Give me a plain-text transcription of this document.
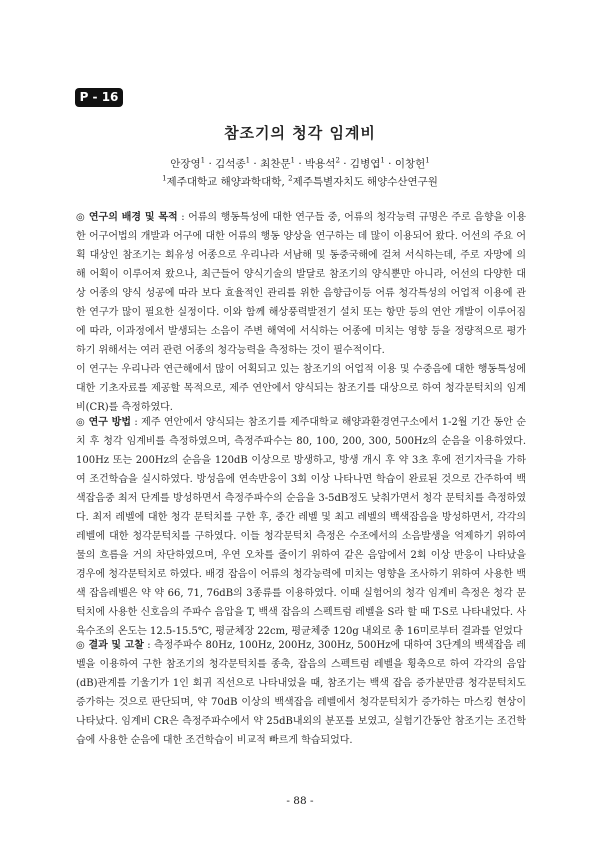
P - 16
참조기의 청각 임계비
안장영$^1$ · 김석종$^1$ · 최찬문$^1$ · 박용석$^2$ · 김병엽$^1$ · 이창헌$^1$
$^1$제주대학교 해양과학대학, $^2$제주특별자치도 해양수산연구원

◎ 연구의 배경 및 목적 : 어류의 행동특성에 대한 연구들 중, 어류의 청각능력 규명은 주로 음향을 이용한 어구어법의 개발과 어구에 대한 어류의 행동 양상을 연구하는 데 많이 이용되어 왔다. 어선의 주요 어획 대상인 참조기는 회유성 어종으로 우리나라 서남해 및 동중국해에 걸쳐 서식하는데, 주로 자망에 의해 어획이 이루어져 왔으나, 최근들어 양식기술의 발달로 참조기의 양식뿐만 아니라, 어선의 다양한 대상 어종의 양식 성공에 따라 보다 효율적인 관리를 위한 음향급이등 어류 청각특성의 어업적 이용에 관한 연구가 많이 필요한 실정이다. 이와 함께 해상풍력발전기 설치 또는 항만 등의 연안 개발이 이루어짐에 따라, 이과정에서 발생되는 소음이 주변 해역에 서식하는 어종에 미치는 영향 등을 정량적으로 평가하기 위해서는 여러 관련 어종의 청각능력을 측정하는 것이 필수적이다.

이 연구는 우리나라 연근해에서 많이 어획되고 있는 참조기의 어업적 이용 및 수중음에 대한 행동특성에 대한 기초자료를 제공할 목적으로, 제주 연안에서 양식되는 참조기를 대상으로 하여 청각문턱치의 임계비(CR)를 측정하였다.

◎ 연구 방법 : 제주 연안에서 양식되는 참조기를 제주대학교 해양과환경연구소에서 1-2월 기간 동안 순치 후 청각 임계비를 측정하였으며, 측정주파수는 80, 100, 200, 300, 500Hz의 순음을 이용하였다. 100Hz 또는 200Hz의 순음을 120dB 이상으로 방생하고, 방생 개시 후 약 3초 후에 전기자극을 가하여 조건학습을 실시하였다. 방성음에 연속반응이 3회 이상 나타나면 학습이 완료된 것으로 간주하여 백색잡음중 최저 단계를 방성하면서 측정주파수의 순음을 3-5dB정도 낮춰가면서 청각 문턱치를 측정하였다. 최저 레벨에 대한 청각 문턱치를 구한 후, 중간 레벨 및 최고 레벨의 백색잡음을 방성하면서, 각각의 레벨에 대한 청각문턱치를 구하였다. 이들 청각문턱치 측정은 수조에서의 소음발생을 억제하기 위하여 물의 흐름을 거의 차단하였으며, 우연 오차를 줄이기 위하여 같은 음압에서 2회 이상 반응이 나타났을 경우에 청각문턱치로 하였다. 배경 잡음이 어류의 청각능력에 미치는 영향을 조사하기 위하여 사용한 백색 잡음레벨은 약 약 66, 71, 76dB의 3종류를 이용하였다. 이때 실험어의 청각 임계비 측정은 청각 문턱치에 사용한 신호음의 주파수 음압을 T, 백색 잡음의 스펙트럼 레벨을 S라 할 때 T-S로 나타내었다. 사육수조의 온도는 12.5-15.5℃, 평균체장 22cm, 평균체중 120g 내외로 총 16미로부터 결과를 얻었다

◎ 결과 및 고찰 : 측정주파수 80Hz, 100Hz, 200Hz, 300Hz, 500Hz에 대하여 3단계의 백색잡음 레벨을 이용하여 구한 참조기의 청각문턱치를 종축, 잡음의 스펙트럼 레벨을 횡축으로 하여 각각의 음압(dB)관계를 기울기가 1인 회귀 직선으로 나타내었을 때, 참조기는 백색 잡음 증가분만큼 청각문턱치도 증가하는 것으로 판단되며, 약 70dB 이상의 백색잡음 레벨에서 청각문턱치가 증가하는 마스킹 현상이 나타났다. 임계비 CR은 측정주파수에서 약 25dB내외의 분포를 보였고, 실험기간동안 참조기는 조건학습에 사용한 순음에 대한 조건학습이 비교적 빠르게 학습되었다.

- 88 -
